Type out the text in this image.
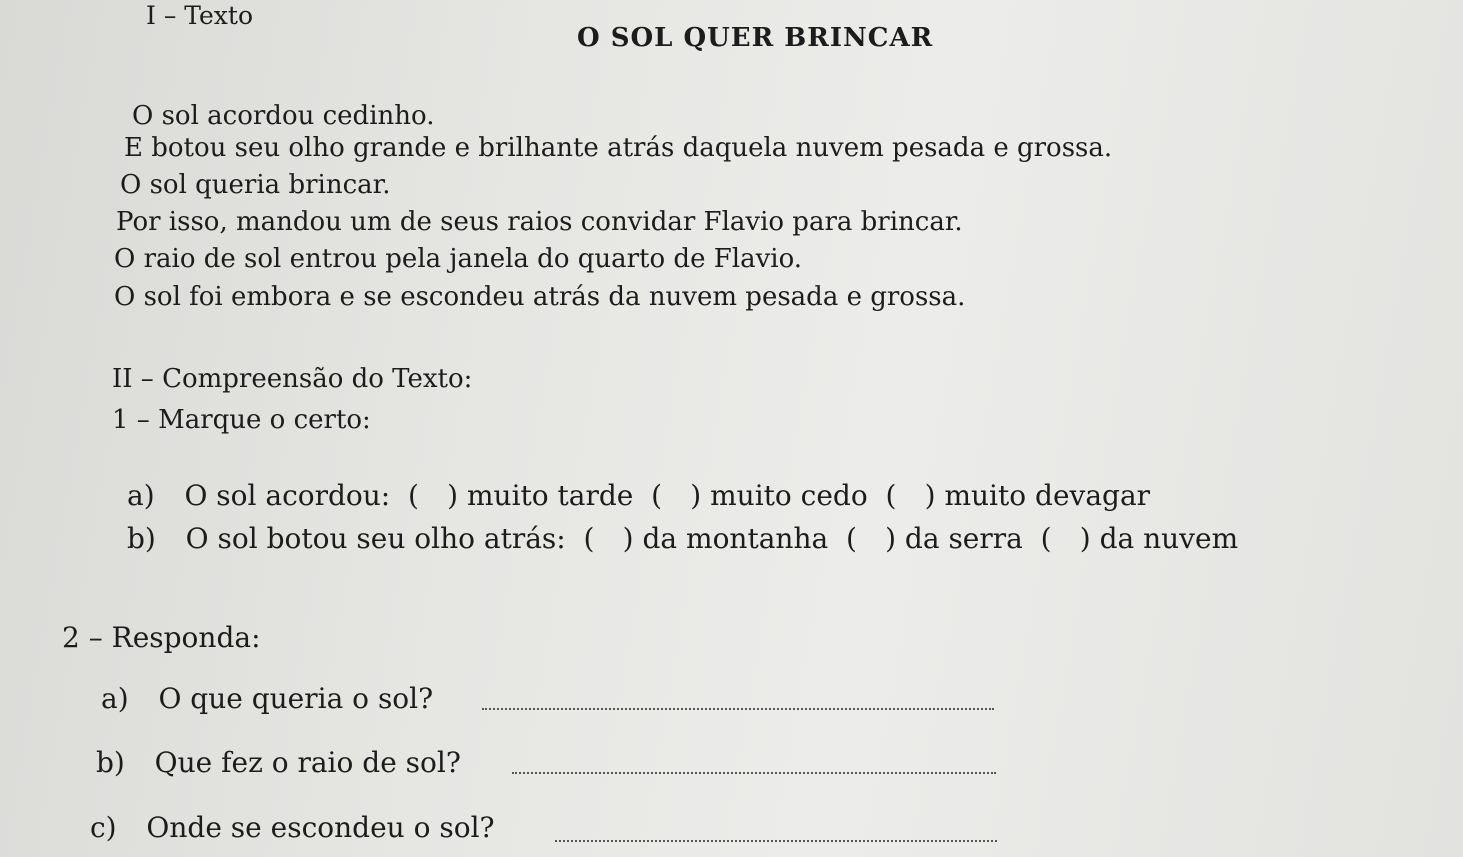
I – Texto
O SOL QUER BRINCAR
O sol acordou cedinho.
E botou seu olho grande e brilhante atrás daquela nuvem pesada e grossa.
O sol queria brincar.
Por isso, mandou um de seus raios convidar Flavio para brincar.
O raio de sol entrou pela janela do quarto de Flavio.
O sol foi embora e se escondeu atrás da nuvem pesada e grossa.
II – Compreensão do Texto:
1 – Marque o certo:
a) O sol acordou:  ( ) muito tarde  ( ) muito cedo  ( ) muito devagar
b) O sol botou seu olho atrás:  ( ) da montanha  ( ) da serra  ( ) da nuvem
2 – Responda:
a) O que queria o sol?
b) Que fez o raio de sol?
c) Onde se escondeu o sol?
